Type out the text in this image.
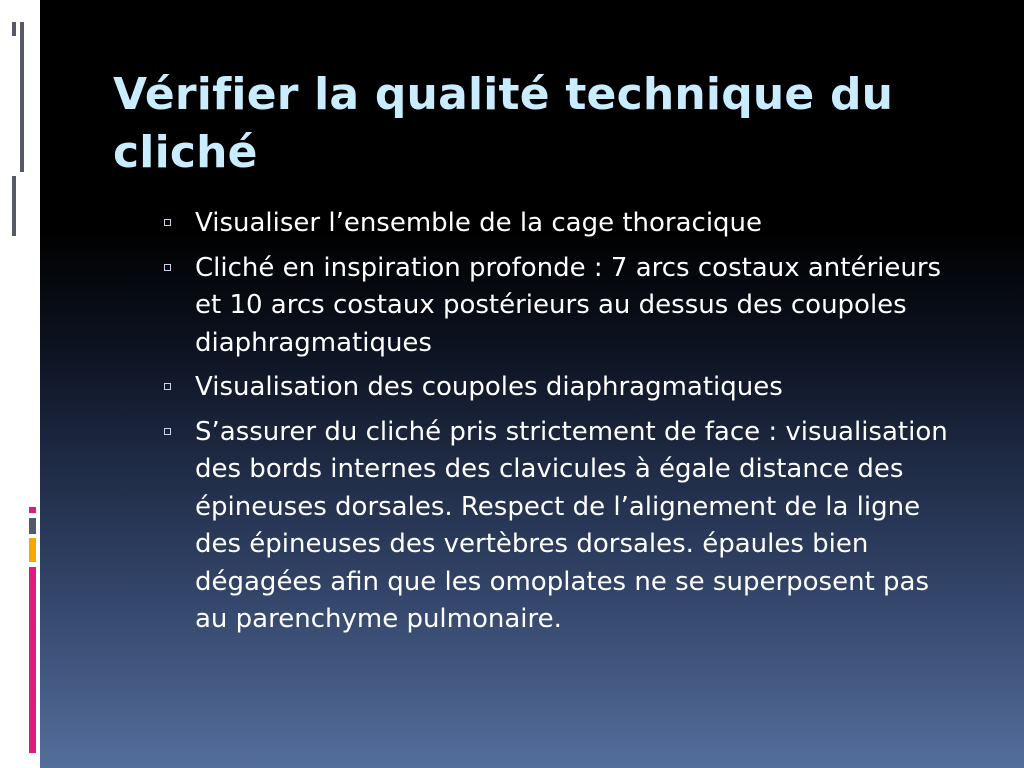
Vérifier la qualité technique du cliché
Visualiser l’ensemble de la cage thoracique
Cliché en inspiration profonde : 7 arcs costaux antérieurs et 10 arcs costaux postérieurs au dessus des coupoles diaphragmatiques
Visualisation des coupoles diaphragmatiques
S’assurer du cliché pris strictement de face : visualisation des bords internes des clavicules à égale distance des épineuses dorsales. Respect de l’alignement de la ligne des épineuses des vertèbres dorsales. épaules bien dégagées afin que les omoplates ne se superposent pas au parenchyme pulmonaire.
